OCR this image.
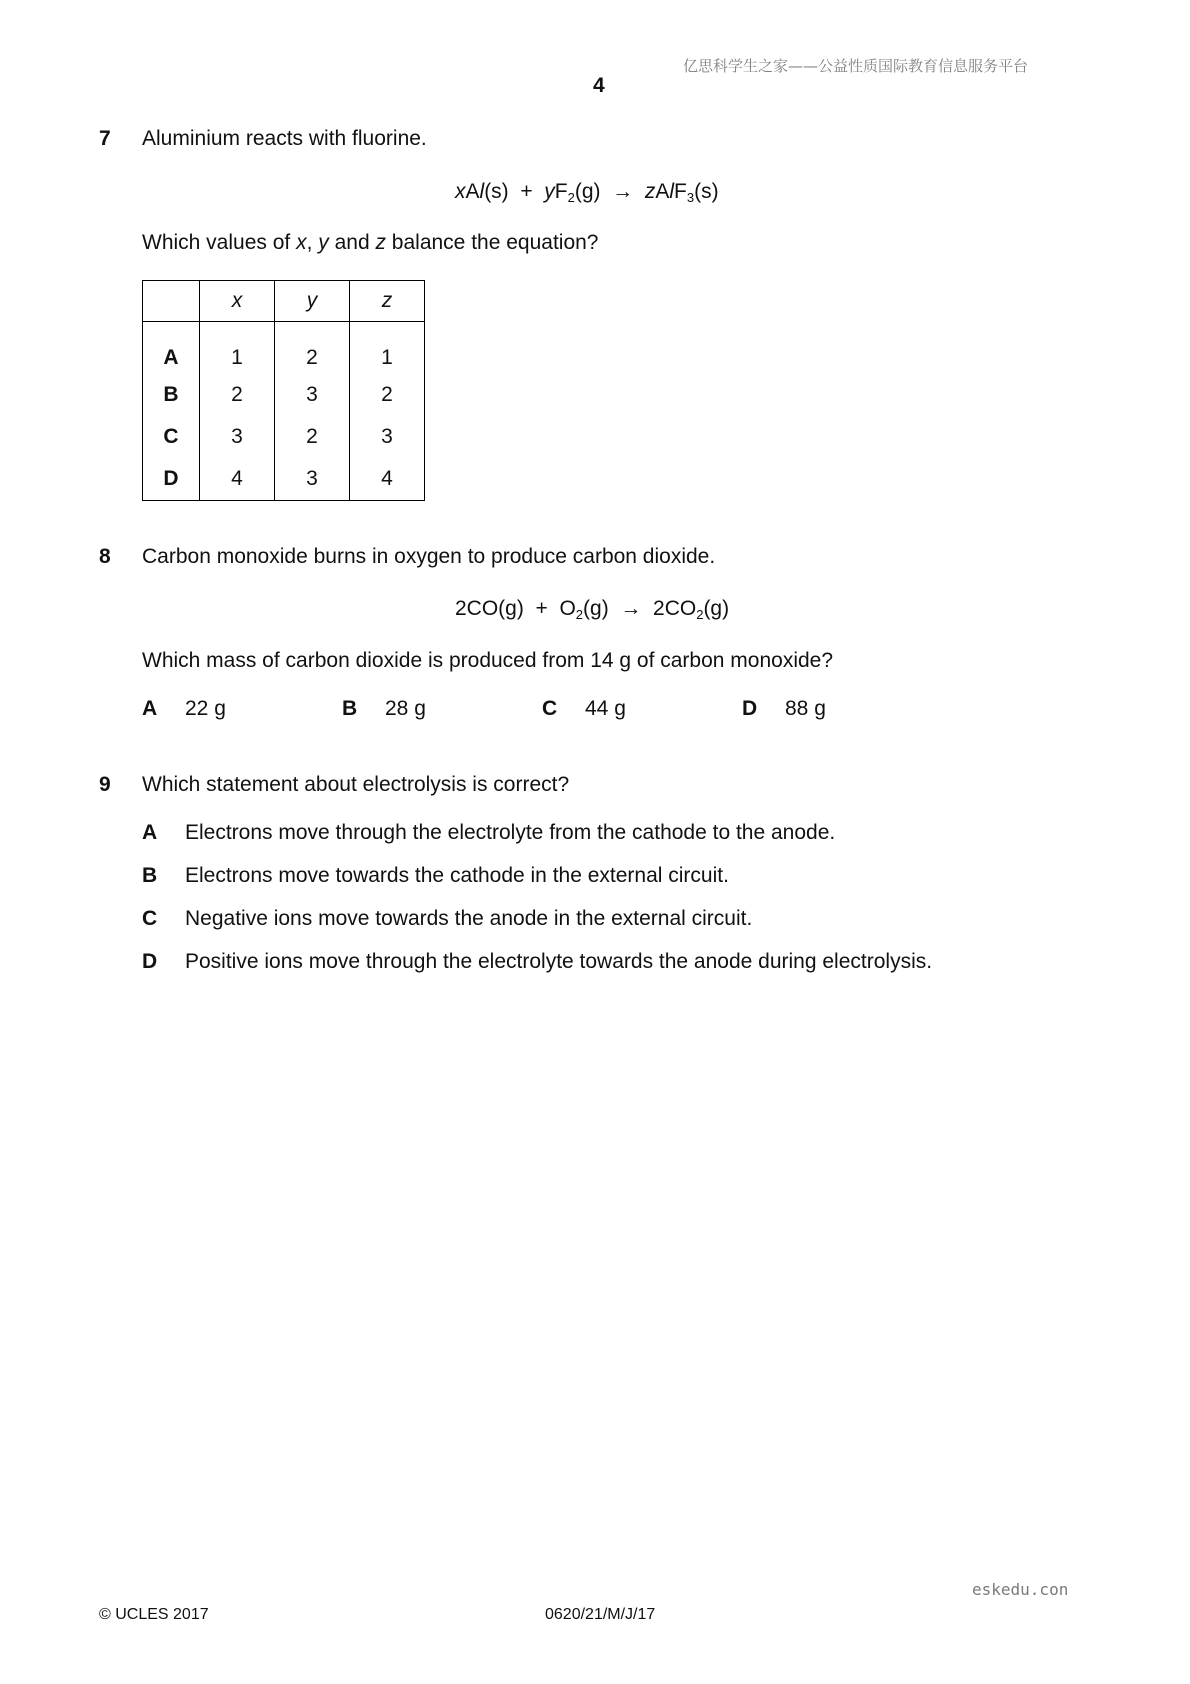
亿思科学生之家——公益性质国际教育信息服务平台
4
7 Aluminium reacts with fluorine.
$xAl(s) + yF_2(g)$  →  zAlF$_3$(s)
Which values of x, y and z balance the equation?
	x	y	z
A	1	2	1
B	2	3	2
C	3	2	3
D	4	3	4
8 Carbon monoxide burns in oxygen to produce carbon dioxide.
$2CO(g) + O_2(g) \to 2CO_2(g)$
Which mass of carbon dioxide is produced from 14 g of carbon monoxide?
A 22 g	B 28 g	C 44 g	D 88 g
9 Which statement about electrolysis is correct?
A Electrons move through the electrolyte from the cathode to the anode.
B Electrons move towards the cathode in the external circuit.
C Negative ions move towards the anode in the external circuit.
D Positive ions move through the electrolyte towards the anode during electrolysis.
eskedu.con
© UCLES 2017	0620/21/M/J/17
